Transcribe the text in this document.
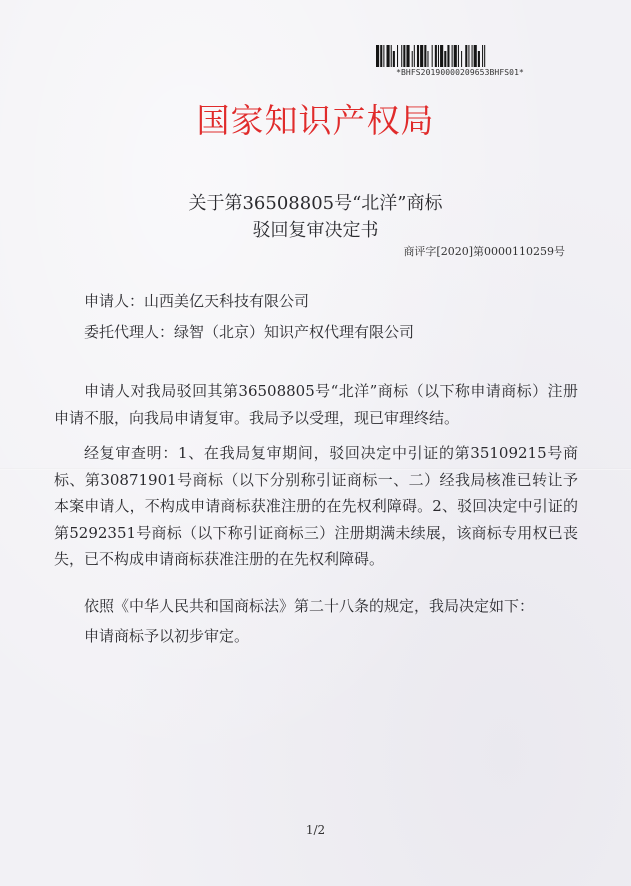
*BHFS20190000209653BHFS01*
国家知识产权局
关于第36508805号“北洋”商标
驳回复审决定书
商评字[2020]第0000110259号
申请人：山西美亿天科技有限公司
委托代理人：绿智（北京）知识产权代理有限公司
申请人对我局驳回其第36508805号“北洋”商标（以下称申请商标）注册申请不服，向我局申请复审。我局予以受理，现已审理终结。
经复审查明：1、在我局复审期间，驳回决定中引证的第35109215号商标、第30871901号商标（以下分别称引证商标一、二）经我局核准已转让予本案申请人，不构成申请商标获准注册的在先权利障碍。2、驳回决定中引证的第5292351号商标（以下称引证商标三）注册期满未续展，该商标专用权已丧失，已不构成申请商标获准注册的在先权利障碍。
依照《中华人民共和国商标法》第二十八条的规定，我局决定如下：
申请商标予以初步审定。
1/2
